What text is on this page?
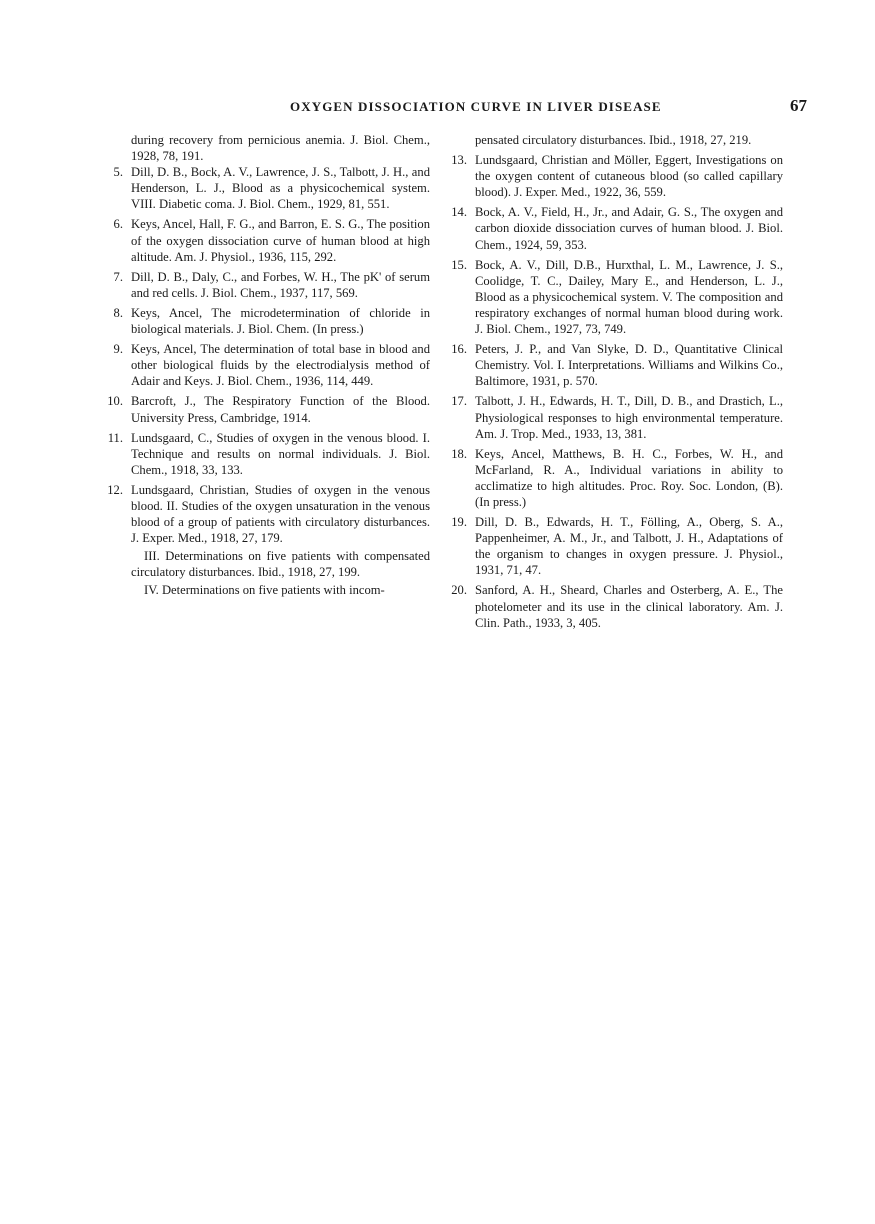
OXYGEN DISSOCIATION CURVE IN LIVER DISEASE	67
during recovery from pernicious anemia. J. Biol. Chem., 1928, 78, 191.
5. Dill, D. B., Bock, A. V., Lawrence, J. S., Talbott, J. H., and Henderson, L. J., Blood as a physicochemical system. VIII. Diabetic coma. J. Biol. Chem., 1929, 81, 551.
6. Keys, Ancel, Hall, F. G., and Barron, E. S. G., The position of the oxygen dissociation curve of human blood at high altitude. Am. J. Physiol., 1936, 115, 292.
7. Dill, D. B., Daly, C., and Forbes, W. H., The pK' of serum and red cells. J. Biol. Chem., 1937, 117, 569.
8. Keys, Ancel, The microdetermination of chloride in biological materials. J. Biol. Chem. (In press.)
9. Keys, Ancel, The determination of total base in blood and other biological fluids by the electrodialysis method of Adair and Keys. J. Biol. Chem., 1936, 114, 449.
10. Barcroft, J., The Respiratory Function of the Blood. University Press, Cambridge, 1914.
11. Lundsgaard, C., Studies of oxygen in the venous blood. I. Technique and results on normal individuals. J. Biol. Chem., 1918, 33, 133.
12. Lundsgaard, Christian, Studies of oxygen in the venous blood. II. Studies of the oxygen unsaturation in the venous blood of a group of patients with circulatory disturbances. J. Exper. Med., 1918, 27, 179.
III. Determinations on five patients with compensated circulatory disturbances. Ibid., 1918, 27, 199.
IV. Determinations on five patients with incom-
pensated circulatory disturbances. Ibid., 1918, 27, 219.
13. Lundsgaard, Christian and Möller, Eggert, Investigations on the oxygen content of cutaneous blood (so called capillary blood). J. Exper. Med., 1922, 36, 559.
14. Bock, A. V., Field, H., Jr., and Adair, G. S., The oxygen and carbon dioxide dissociation curves of human blood. J. Biol. Chem., 1924, 59, 353.
15. Bock, A. V., Dill, D.B., Hurxthal, L. M., Lawrence, J. S., Coolidge, T. C., Dailey, Mary E., and Henderson, L. J., Blood as a physicochemical system. V. The composition and respiratory exchanges of normal human blood during work. J. Biol. Chem., 1927, 73, 749.
16. Peters, J. P., and Van Slyke, D. D., Quantitative Clinical Chemistry. Vol. I. Interpretations. Williams and Wilkins Co., Baltimore, 1931, p. 570.
17. Talbott, J. H., Edwards, H. T., Dill, D. B., and Drastich, L., Physiological responses to high environmental temperature. Am. J. Trop. Med., 1933, 13, 381.
18. Keys, Ancel, Matthews, B. H. C., Forbes, W. H., and McFarland, R. A., Individual variations in ability to acclimatize to high altitudes. Proc. Roy. Soc. London, (B). (In press.)
19. Dill, D. B., Edwards, H. T., Fölling, A., Oberg, S. A., Pappenheimer, A. M., Jr., and Talbott, J. H., Adaptations of the organism to changes in oxygen pressure. J. Physiol., 1931, 71, 47.
20. Sanford, A. H., Sheard, Charles and Osterberg, A. E., The photelometer and its use in the clinical laboratory. Am. J. Clin. Path., 1933, 3, 405.
